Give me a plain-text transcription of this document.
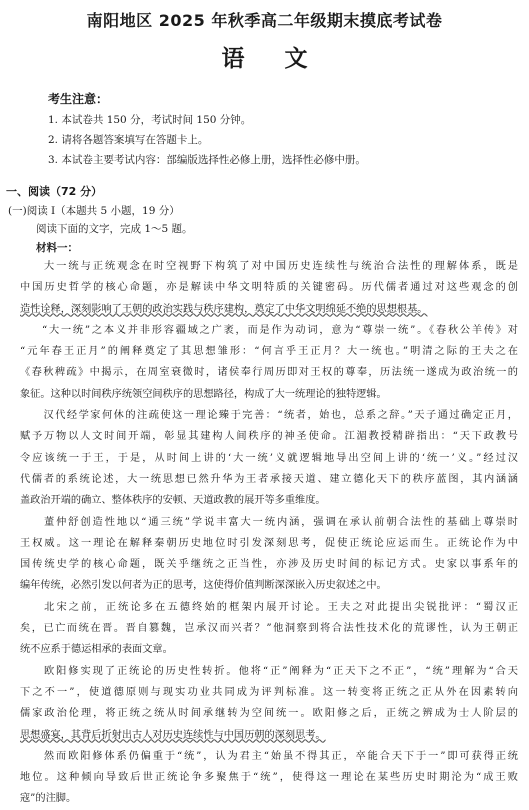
南阳地区 2025 年秋季高二年级期末摸底考试卷
语文
考生注意：
1. 本试卷共 150 分，考试时间 150 分钟。
2. 请将各题答案填写在答题卡上。
3. 本试卷主要考试内容：部编版选择性必修上册，选择性必修中册。
一、阅读（72 分）
(一)阅读 Ⅰ（本题共 5 小题，19 分）
阅读下面的文字，完成 1～5 题。
材料一：

大一统与正统观念在时空视野下构筑了对中国历史连续性与统治合法性的理解体系，既是

中国历史哲学的核心命题，亦是解读中华文明特质的关键密码。历代儒者通过对这些观念的创

造性诠释，深刻影响了王朝的政治实践与秩序建构，奠定了中华文明绵延不绝的思想根基。

“大一统”之本义并非形容疆域之广袤，而是作为动词，意为“尊崇一统”。《春秋公羊传》对

“元年春王正月”的阐释奠定了其思想雏形：“何言乎王正月？大一统也。”明清之际的王夫之在

《春秋稗疏》中揭示，在周室衰微时，诸侯奉行周历即对王权的尊奉，历法统一遂成为政治统一的

象征。这种以时间秩序统领空间秩序的思想路径，构成了大一统理论的独特逻辑。

汉代经学家何休的注疏使这一理论臻于完善：“统者，始也，总系之辞。”天子通过确定正月，

赋予万物以人文时间开端，彰显其建构人间秩序的神圣使命。江湄教授精辟指出：“天下政教号

令应该统一于王，于是，从时间上讲的‘大一统’义就逻辑地导出空间上讲的‘统一’义。”经过汉

代儒者的系统论述，大一统思想已然升华为王者承接天道、建立德化天下的秩序蓝图，其内涵涵

盖政治开端的确立、整体秩序的安顿、天道政教的展开等多重维度。

董仲舒创造性地以“通三统”学说丰富大一统内涵，强调在承认前朝合法性的基础上尊崇时

王权威。这一理论在解释秦朝历史地位时引发深刻思考，促使正统论应运而生。正统论作为中

国传统史学的核心命题，既关乎继统之正当性，亦涉及历史时间的标记方式。史家以事系年的

编年传统，必然引发以何者为正的思考，这使得价值判断深深嵌入历史叙述之中。

北宋之前，正统论多在五德终始的框架内展开讨论。王夫之对此提出尖锐批评：“蜀汉正

矣，已亡而统在晋。晋自篡魏，岂承汉而兴者？”他洞察到将合法性技术化的荒谬性，认为王朝正

统不应系于德运相承的表面文章。

欧阳修实现了正统论的历史性转折。他将“正”阐释为“正天下之不正”，“统”理解为“合天

下之不一”，使道德原则与现实功业共同成为评判标准。这一转变将正统之正从外在因素转向

儒家政治伦理，将正统之统从时间承继转为空间统一。欧阳修之后，正统之辨成为士人阶层的

思想盛宴，其背后折射出古人对历史连续性与中国历朝的深刻思考。

然而欧阳修体系仍偏重于“统”，认为君主“始虽不得其正，卒能合天下于一”即可获得正统

地位。这种倾向导致后世正统论争多聚焦于“统”，使得这一理论在某些历史时期沦为“成王败

寇”的注脚。
